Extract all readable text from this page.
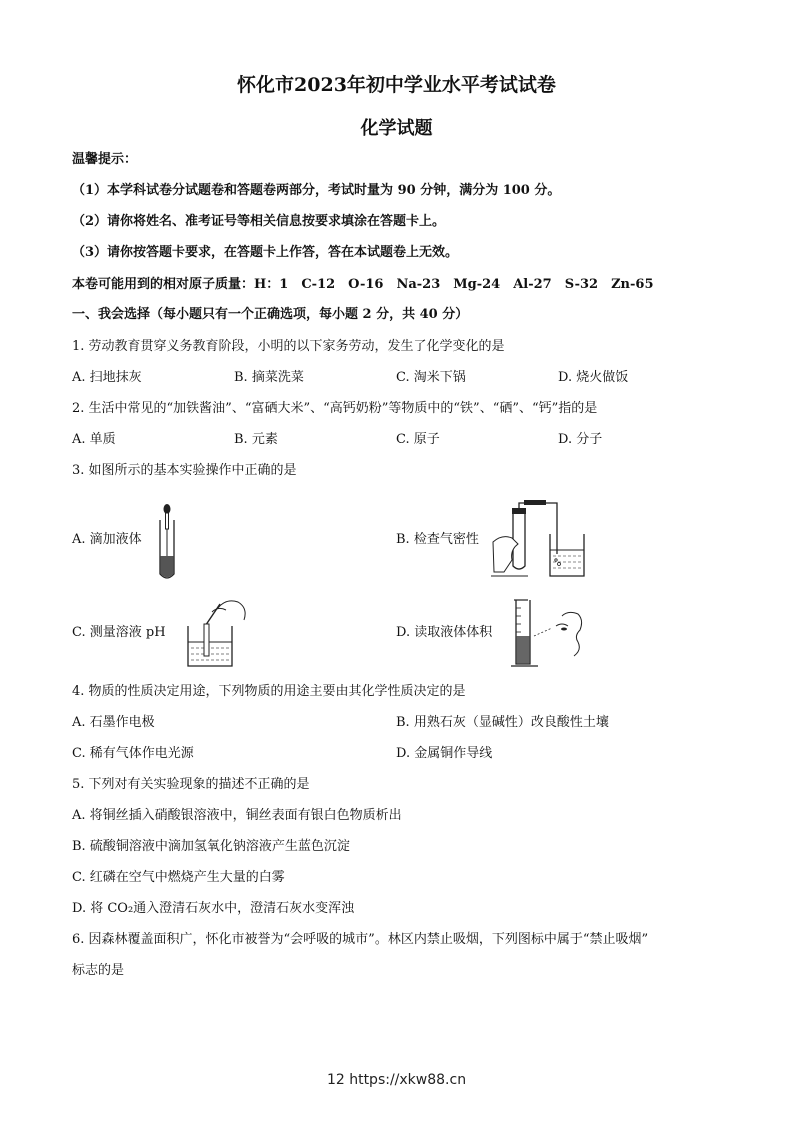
怀化市2023年初中学业水平考试试卷
化学试题
温馨提示：
（1）本学科试卷分试题卷和答题卷两部分，考试时量为 90 分钟，满分为 100 分。
（2）请你将姓名、准考证号等相关信息按要求填涂在答题卡上。
（3）请你按答题卡要求，在答题卡上作答，答在本试题卷上无效。
本卷可能用到的相对原子质量：H：1　C-12　O-16　Na-23　Mg-24　Al-27　S-32　Zn-65
一、我会选择（每小题只有一个正确选项，每小题 2 分，共 40 分）
1. 劳动教育贯穿义务教育阶段，小明的以下家务劳动，发生了化学变化的是
A. 扫地抹灰	B. 摘菜洗菜	C. 淘米下锅	D. 烧火做饭
2. 生活中常见的“加铁酱油”、“富硒大米”、“高钙奶粉”等物质中的“铁”、“硒”、“钙”指的是
A. 单质	B. 元素	C. 原子	D. 分子
3. 如图所示的基本实验操作中正确的是
A. 滴加液体	B. 检查气密性
C. 测量溶液 pH	D. 读取液体体积
4. 物质的性质决定用途，下列物质的用途主要由其化学性质决定的是
A. 石墨作电极	B. 用熟石灰（显碱性）改良酸性土壤
C. 稀有气体作电光源	D. 金属铜作导线
5. 下列对有关实验现象的描述不正确的是
A. 将铜丝插入硝酸银溶液中，铜丝表面有银白色物质析出
B. 硫酸铜溶液中滴加氢氧化钠溶液产生蓝色沉淀
C. 红磷在空气中燃烧产生大量的白雾
D. 将 CO₂通入澄清石灰水中，澄清石灰水变浑浊
6. 因森林覆盖面积广，怀化市被誉为“会呼吸的城市”。林区内禁止吸烟，下列图标中属于“禁止吸烟”
标志的是
12 https://xkw88.cn
